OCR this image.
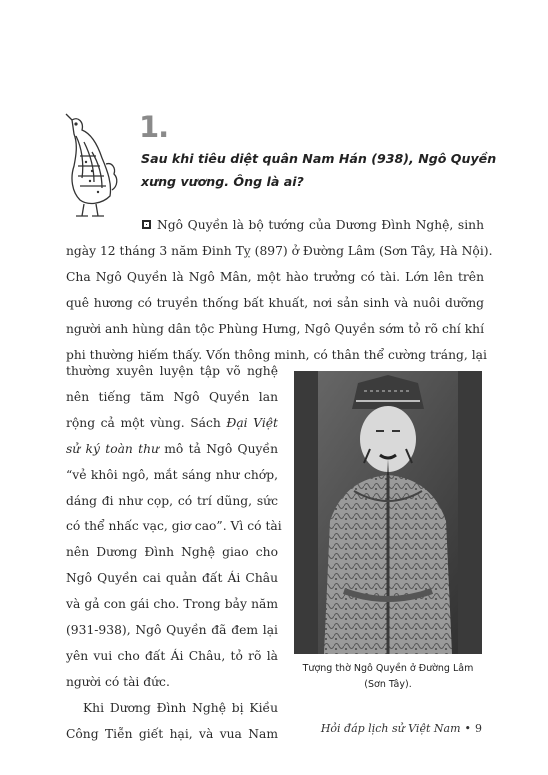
1.
Sau khi tiêu diệt quân Nam Hán (938), Ngô Quyền
xưng vương. Ông là ai?
Ngô Quyền là bộ tướng của Dương Đình Nghệ, sinh
ngày 12 tháng 3 năm Đinh Tỵ (897) ở Đường Lâm (Sơn Tây, Hà Nội).
Cha Ngô Quyền là Ngô Mân, một hào trưởng có tài. Lớn lên trên
quê hương có truyền thống bất khuất, nơi sản sinh và nuôi dưỡng
người anh hùng dân tộc Phùng Hưng, Ngô Quyền sớm tỏ rõ chí khí
phi thường hiếm thấy. Vốn thông minh, có thân thể cường tráng, lại
thường xuyên luyện tập võ nghệ
nên tiếng tăm Ngô Quyền lan
rộng cả một vùng. Sách Đại Việt
sử ký toàn thư mô tả Ngô Quyền
“vẻ khôi ngô, mắt sáng như chớp,
dáng đi như cọp, có trí dũng, sức
có thể nhấc vạc, giơ cao”. Vì có tài
nên Dương Đình Nghệ giao cho
Ngô Quyền cai quản đất Ái Châu
và gả con gái cho. Trong bảy năm
(931-938), Ngô Quyền đã đem lại
yên vui cho đất Ái Châu, tỏ rõ là
người có tài đức.
Khi Dương Đình Nghệ bị Kiều
Công Tiễn giết hại, và vua Nam
Tượng thờ Ngô Quyền ở Đường Lâm
(Sơn Tây).
Hỏi đáp lịch sử Việt Nam • 9
